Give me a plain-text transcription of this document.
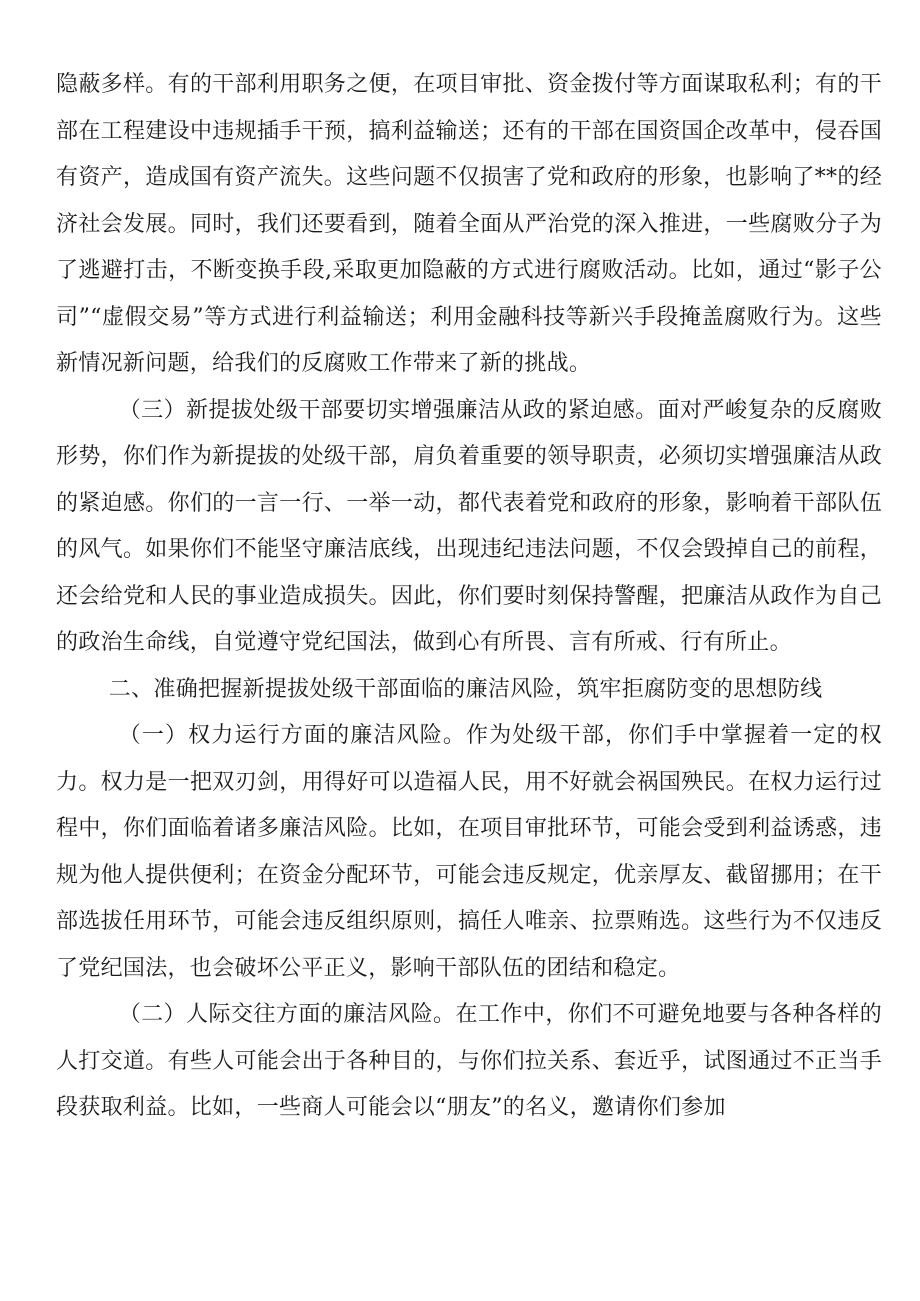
隐蔽多样。有的干部利用职务之便，在项目审批、资金拨付等方面谋取私利；有的干部在工程建设中违规插手干预，搞利益输送；还有的干部在国资国企改革中，侵吞国有资产，造成国有资产流失。这些问题不仅损害了党和政府的形象，也影响了**的经济社会发展。同时，我们还要看到，随着全面从严治党的深入推进，一些腐败分子为了逃避打击，不断变换手段,采取更加隐蔽的方式进行腐败活动。比如，通过“影子公司”“虚假交易”等方式进行利益输送；利用金融科技等新兴手段掩盖腐败行为。这些新情况新问题，给我们的反腐败工作带来了新的挑战。

（三）新提拔处级干部要切实增强廉洁从政的紧迫感。面对严峻复杂的反腐败形势，你们作为新提拔的处级干部，肩负着重要的领导职责，必须切实增强廉洁从政的紧迫感。你们的一言一行、一举一动，都代表着党和政府的形象，影响着干部队伍的风气。如果你们不能坚守廉洁底线，出现违纪违法问题，不仅会毁掉自己的前程，还会给党和人民的事业造成损失。因此，你们要时刻保持警醒，把廉洁从政作为自己的政治生命线，自觉遵守党纪国法，做到心有所畏、言有所戒、行有所止。

二、准确把握新提拔处级干部面临的廉洁风险，筑牢拒腐防变的思想防线

（一）权力运行方面的廉洁风险。作为处级干部，你们手中掌握着一定的权力。权力是一把双刃剑，用得好可以造福人民，用不好就会祸国殃民。在权力运行过程中，你们面临着诸多廉洁风险。比如，在项目审批环节，可能会受到利益诱惑，违规为他人提供便利；在资金分配环节，可能会违反规定，优亲厚友、截留挪用；在干部选拔任用环节，可能会违反组织原则，搞任人唯亲、拉票贿选。这些行为不仅违反了党纪国法，也会破坏公平正义，影响干部队伍的团结和稳定。

（二）人际交往方面的廉洁风险。在工作中，你们不可避免地要与各种各样的人打交道。有些人可能会出于各种目的，与你们拉关系、套近乎，试图通过不正当手段获取利益。比如，一些商人可能会以“朋友”的名义，邀请你们参加
